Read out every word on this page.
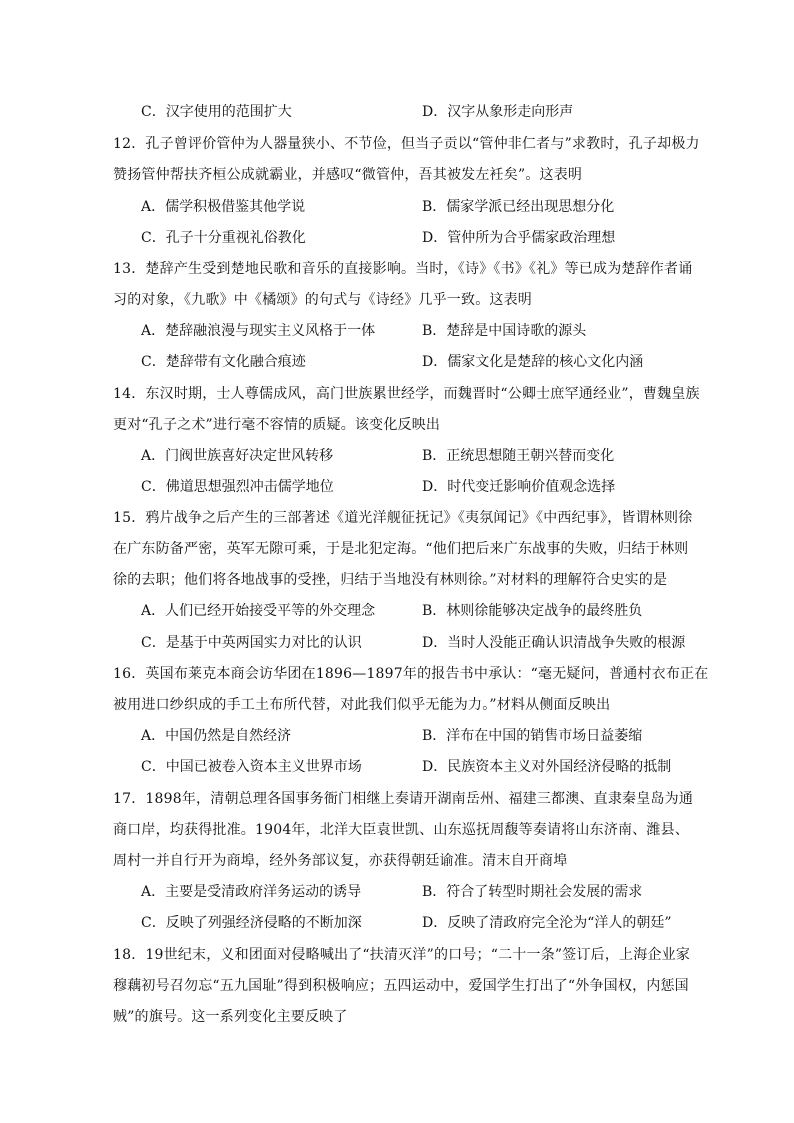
C．汉字使用的范围扩大	D．汉字从象形走向形声
12．孔子曾评价管仲为人器量狭小、不节俭，但当子贡以“管仲非仁者与”求教时，孔子却极力
赞扬管仲帮扶齐桓公成就霸业，并感叹“微管仲，吾其被发左衽矣”。这表明
A．儒学积极借鉴其他学说	B．儒家学派已经出现思想分化
C．孔子十分重视礼俗教化	D．管仲所为合乎儒家政治理想
13．楚辞产生受到楚地民歌和音乐的直接影响。当时，《诗》《书》《礼》等已成为楚辞作者诵
习的对象，《九歌》中《橘颂》的句式与《诗经》几乎一致。这表明
A．楚辞融浪漫与现实主义风格于一体	B．楚辞是中国诗歌的源头
C．楚辞带有文化融合痕迹	D．儒家文化是楚辞的核心文化内涵
14．东汉时期，士人尊儒成风，高门世族累世经学，而魏晋时“公卿士庶罕通经业”，曹魏皇族
更对“孔子之术”进行毫不容情的质疑。该变化反映出
A．门阀世族喜好决定世风转移	B．正统思想随王朝兴替而变化
C．佛道思想强烈冲击儒学地位	D．时代变迁影响价值观念选择
15．鸦片战争之后产生的三部著述《道光洋舰征抚记》《夷氛闻记》《中西纪事》，皆谓林则徐
在广东防备严密，英军无隙可乘，于是北犯定海。“他们把后来广东战事的失败，归结于林则
徐的去职；他们将各地战事的受挫，归结于当地没有林则徐。”对材料的理解符合史实的是
A．人们已经开始接受平等的外交理念	B．林则徐能够决定战争的最终胜负
C．是基于中英两国实力对比的认识	D．当时人没能正确认识清战争失败的根源
16．英国布莱克本商会访华团在1896—1897年的报告书中承认：“毫无疑问，普通村衣布正在
被用进口纱织成的手工土布所代替，对此我们似乎无能为力。”材料从侧面反映出
A．中国仍然是自然经济	B．洋布在中国的销售市场日益萎缩
C．中国已被卷入资本主义世界市场	D．民族资本主义对外国经济侵略的抵制
17．1898年，清朝总理各国事务衙门相继上奏请开湖南岳州、福建三都澳、直隶秦皇岛为通
商口岸，均获得批准。1904年，北洋大臣袁世凯、山东巡抚周馥等奏请将山东济南、潍县、
周村一并自行开为商埠，经外务部议复，亦获得朝廷谕准。清末自开商埠
A．主要是受清政府洋务运动的诱导	B．符合了转型时期社会发展的需求
C．反映了列强经济侵略的不断加深	D．反映了清政府完全沦为“洋人的朝廷”
18．19世纪末，义和团面对侵略喊出了“扶清灭洋”的口号；“二十一条”签订后，上海企业家
穆藕初号召勿忘“五九国耻”得到积极响应；五四运动中，爱国学生打出了“外争国权，内惩国
贼”的旗号。这一系列变化主要反映了
